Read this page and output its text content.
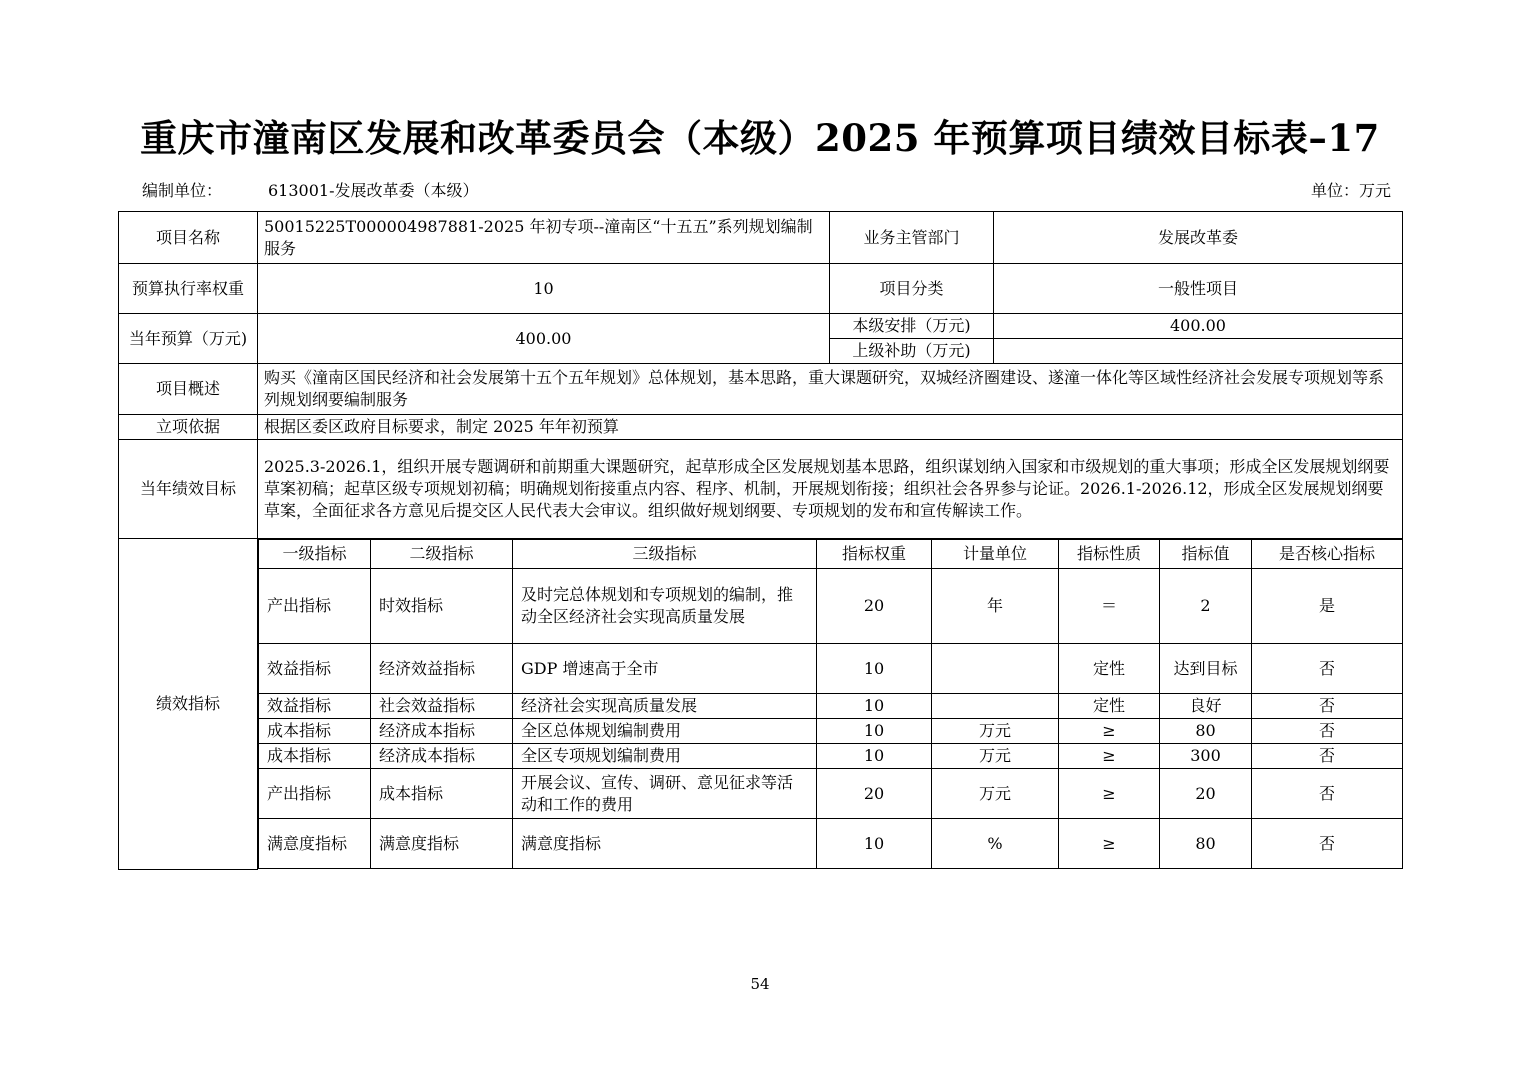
重庆市潼南区发展和改革委员会（本级）2025 年预算项目绩效目标表–17
编制单位：	613001-发展改革委（本级）	单位：万元
项目名称	50015225T000004987881-2025 年初专项--潼南区“十五五”系列规划编制服务	业务主管部门	发展改革委
预算执行率权重	10	项目分类	一般性项目
当年预算（万元)	400.00	本级安排（万元)	400.00
上级补助（万元)	
项目概述	购买《潼南区国民经济和社会发展第十五个五年规划》总体规划，基本思路，重大课题研究，双城经济圈建设、遂潼一体化等区域性经济社会发展专项规划等系列规划纲要编制服务
立项依据	根据区委区政府目标要求，制定 2025 年年初预算
当年绩效目标	2025.3-2026.1，组织开展专题调研和前期重大课题研究，起草形成全区发展规划基本思路，组织谋划纳入国家和市级规划的重大事项；形成全区发展规划纲要草案初稿；起草区级专项规划初稿；明确规划衔接重点内容、程序、机制，开展规划衔接；组织社会各界参与论证。2026.1-2026.12，形成全区发展规划纲要草案，全面征求各方意见后提交区人民代表大会审议。组织做好规划纲要、专项规划的发布和宣传解读工作。
绩效指标	
一级指标	二级指标	三级指标	指标权重	计量单位	指标性质	指标值	是否核心指标
产出指标	时效指标	及时完总体规划和专项规划的编制，推动全区经济社会实现高质量发展	20	年	＝	2	是
效益指标	经济效益指标	GDP 增速高于全市	10		定性	达到目标	否
效益指标	社会效益指标	经济社会实现高质量发展	10		定性	良好	否
成本指标	经济成本指标	全区总体规划编制费用	10	万元	≥	80	否
成本指标	经济成本指标	全区专项规划编制费用	10	万元	≥	300	否
产出指标	成本指标	开展会议、宣传、调研、意见征求等活动和工作的费用	20	万元	≥	20	否
满意度指标	满意度指标	满意度指标	10	%	≥	80	否
54
